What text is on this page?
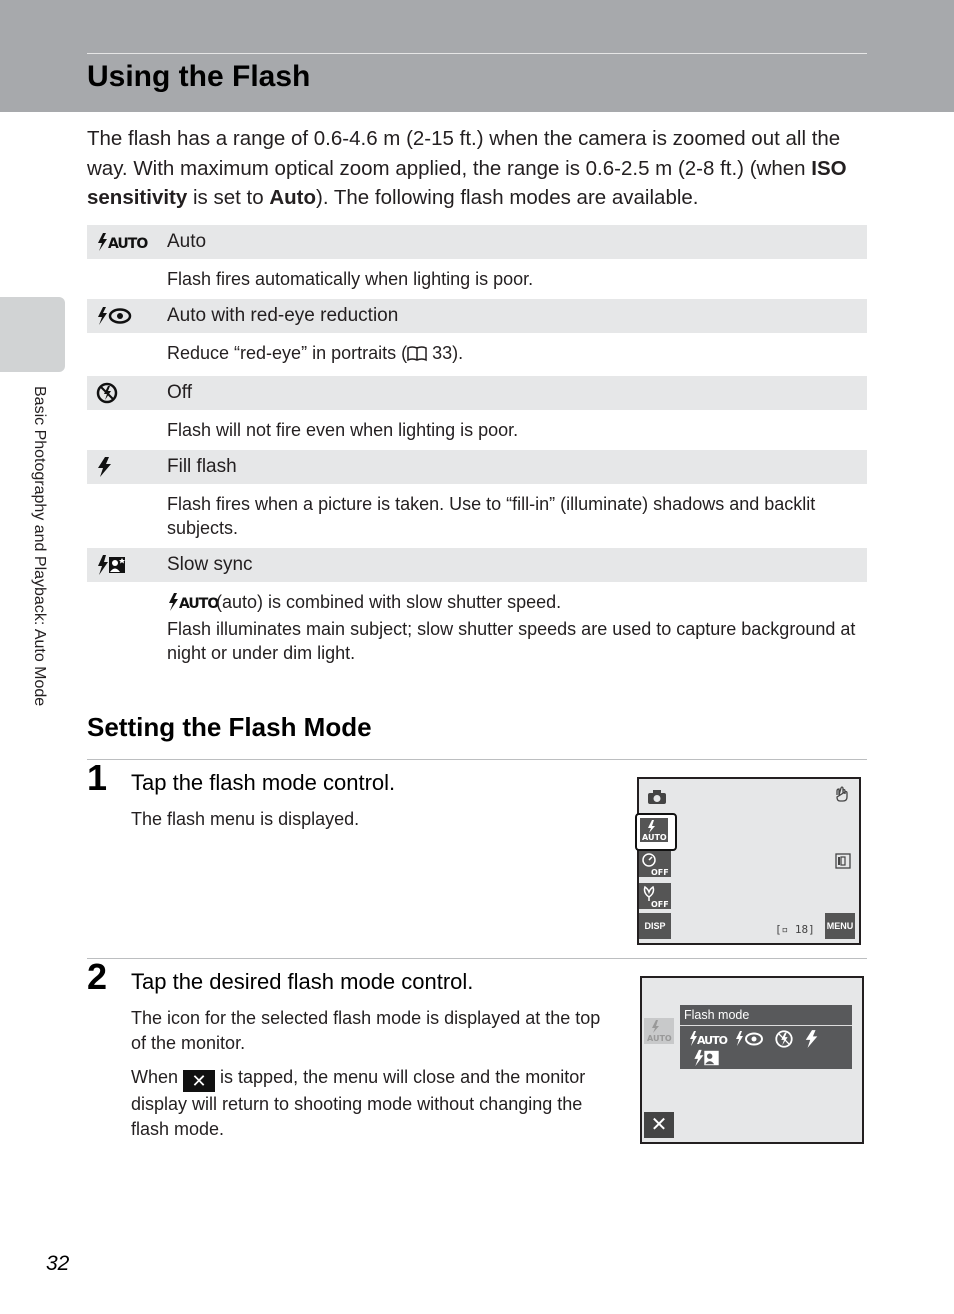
Using the Flash
Basic Photography and Playback: Auto Mode

The flash has a range of 0.6-4.6 m (2-15 ft.) when the camera is zoomed out all the way. With maximum optical zoom applied, the range is 0.6-2.5 m (2-8 ft.) (when ISO sensitivity is set to Auto). The following flash modes are available.

AUTO Auto
Flash fires automatically when lighting is poor.
Auto with red-eye reduction
Reduce “red-eye” in portraits ( 33).
Off
Flash will not fire even when lighting is poor.
Fill flash
Flash fires when a picture is taken. Use to “fill-in” (illuminate) shadows and backlit subjects.
Slow sync

AUTO
(auto) is combined with slow shutter speed.

Flash illuminates main subject; slow shutter speeds are used to capture background at night or under dim light.

Setting the Flash Mode
1 Tap the flash mode control.

The flash menu is displayed.

AUTO
OFF
OFF
DISP	[▫ 18] MENU
2 Tap the desired flash mode control.

The icon for the selected flash mode is displayed at the top of the monitor.

When ✕ is tapped, the menu will close and the monitor display will return to shooting mode without changing the flash mode.

AUTO
Flash mode
AUTO
✕
32
